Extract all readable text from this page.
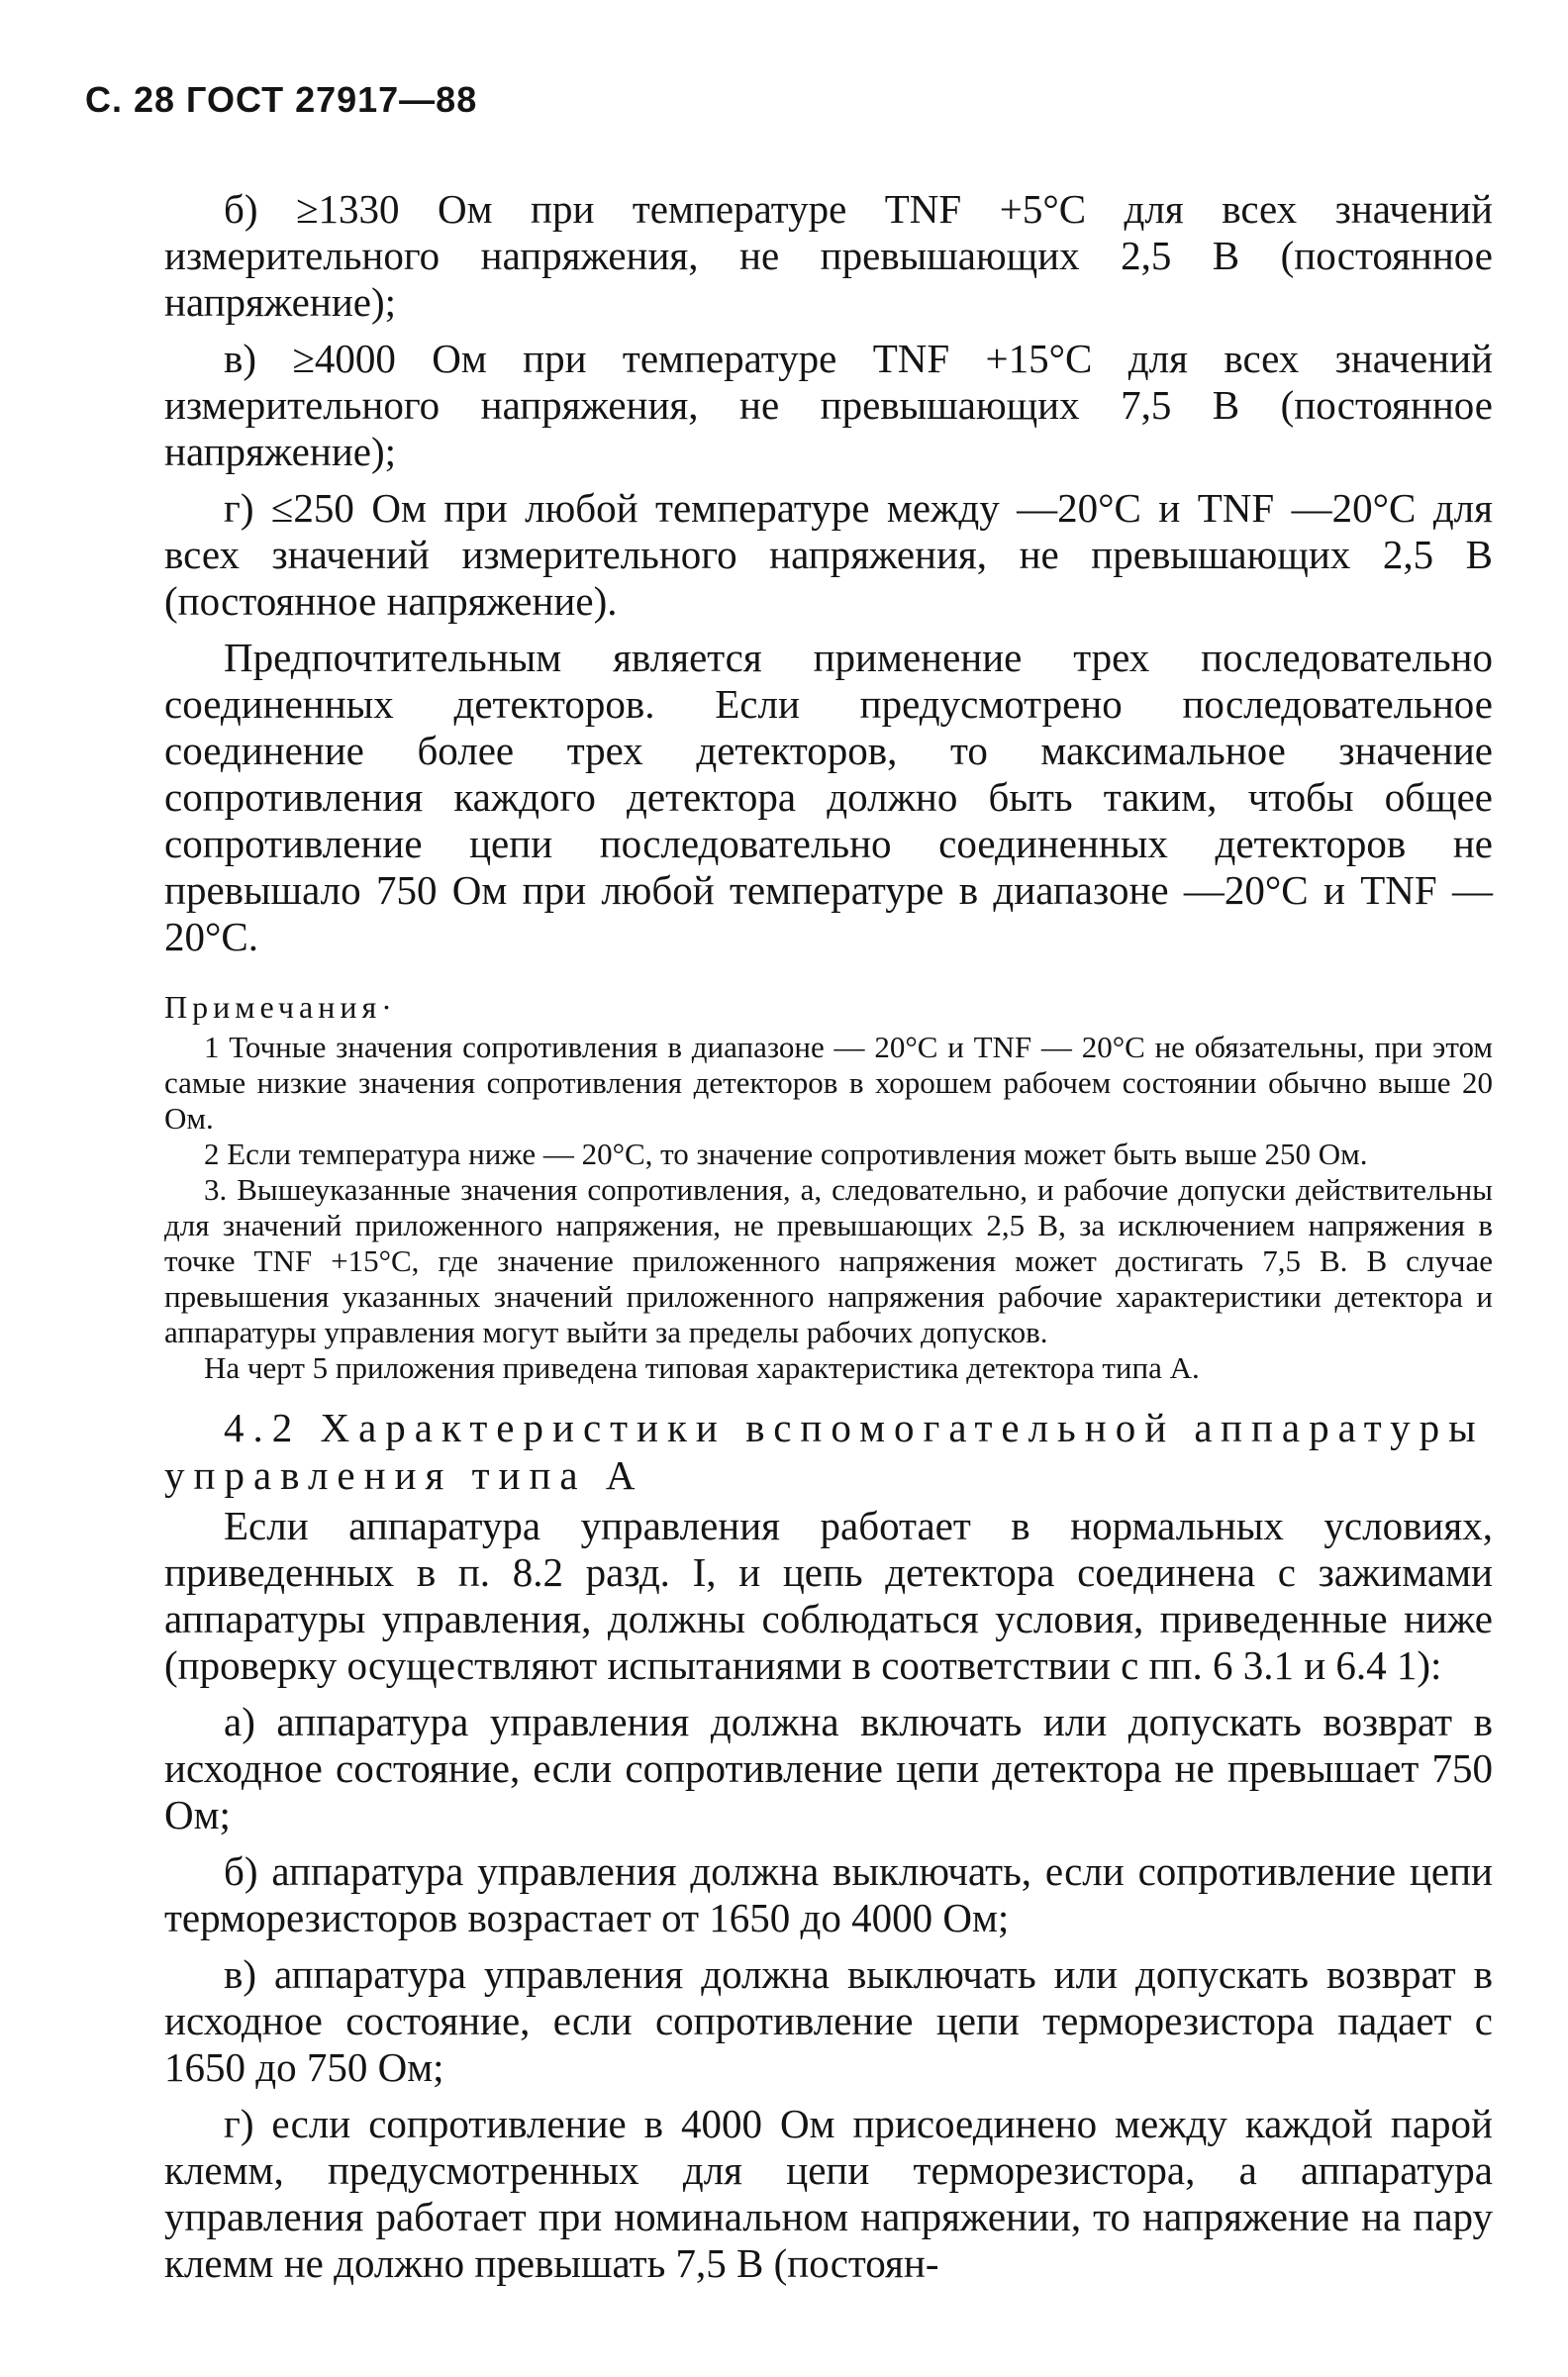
С. 28 ГОСТ 27917—88

б) ≥1330 Ом при температуре TNF +5°С для всех значений измерительного напряжения, не превышающих 2,5 В (постоянное напряжение);

в) ≥4000 Ом при температуре TNF +15°С для всех значений измерительного напряжения, не превышающих 7,5 В (постоянное напряжение);

г) ≤250 Ом при любой температуре между —20°С и TNF —20°С для всех значений измерительного напряжения, не превышающих 2,5 В (постоянное напряжение).

Предпочтительным является применение трех последовательно соединенных детекторов. Если предусмотрено последовательное соединение более трех детекторов, то максимальное значение сопротивления каждого детектора должно быть таким, чтобы общее сопротивление цепи последовательно соединенных детекторов не превышало 750 Ом при любой температуре в диапазоне —20°С и TNF —20°С.

Примечания·

1 Точные значения сопротивления в диапазоне — 20°С и TNF — 20°С не обязательны, при этом самые низкие значения сопротивления детекторов в хорошем рабочем состоянии обычно выше 20 Ом.

2 Если температура ниже — 20°С, то значение сопротивления может быть выше 250 Ом.

3. Вышеуказанные значения сопротивления, а, следовательно, и рабочие допуски действительны для значений приложенного напряжения, не превышающих 2,5 В, за исключением напряжения в точке TNF +15°С, где значение приложенного напряжения может достигать 7,5 В. В случае превышения указанных значений приложенного напряжения рабочие характеристики детектора и аппаратуры управления могут выйти за пределы рабочих допусков.

На черт 5 приложения приведена типовая характеристика детектора типа А.

4.2 Характеристики вспомогательной аппаратуры управления типа А

Если аппаратура управления работает в нормальных условиях, приведенных в п. 8.2 разд. I, и цепь детектора соединена с зажимами аппаратуры управления, должны соблюдаться условия, приведенные ниже (проверку осуществляют испытаниями в соответствии с пп. 6 3.1 и 6.4 1):

а) аппаратура управления должна включать или допускать возврат в исходное состояние, если сопротивление цепи детектора не превышает 750 Ом;

б) аппаратура управления должна выключать, если сопротивление цепи терморезисторов возрастает от 1650 до 4000 Ом;

в) аппаратура управления должна выключать или допускать возврат в исходное состояние, если сопротивление цепи терморезистора падает с 1650 до 750 Ом;

г) если сопротивление в 4000 Ом присоединено между каждой парой клемм, предусмотренных для цепи терморезистора, а аппаратура управления работает при номинальном напряжении, то напряжение на пару клемм не должно превышать 7,5 В (постоян-
